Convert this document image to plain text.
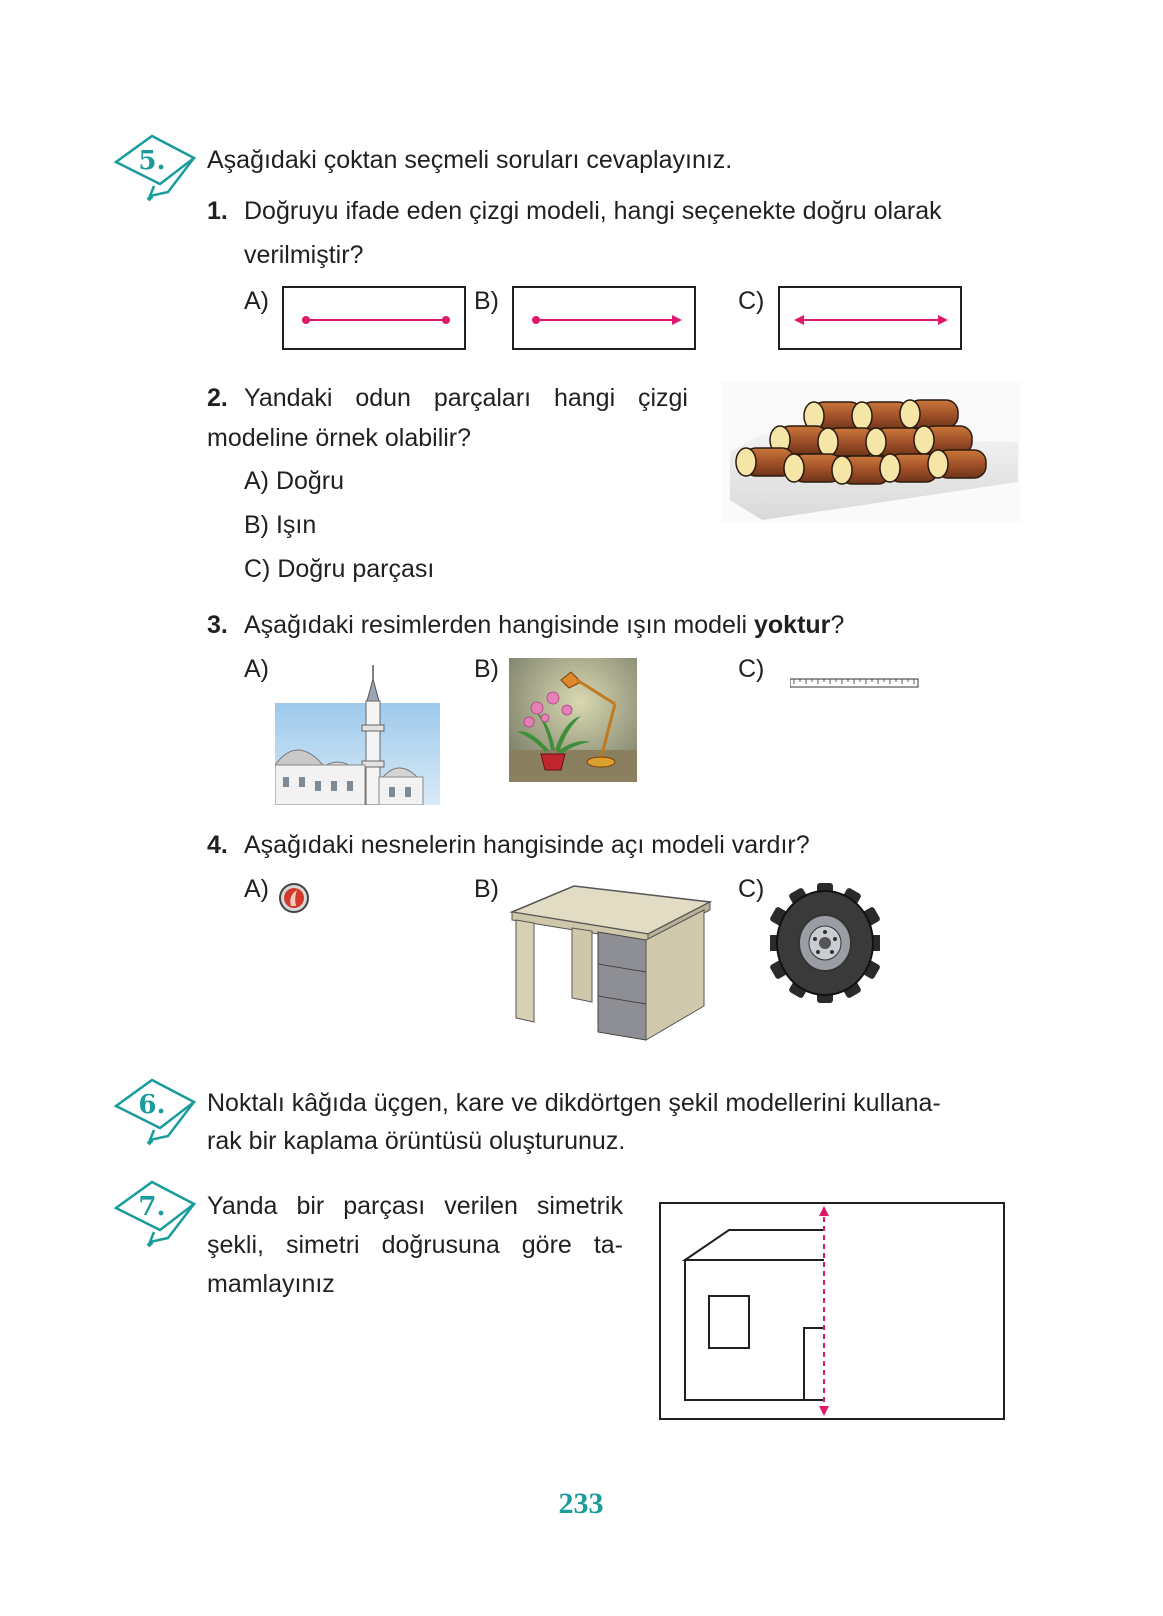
5. Aşağıdaki çoktan seçmeli soruları cevaplayınız.
1. Doğruyu ifade eden çizgi modeli, hangi seçenekte doğru olarak
verilmiştir?
A)	B)	C)
2. Yandaki odun parçaları hangi çizgi
modeline örnek olabilir?
A) Doğru
B) Işın
C) Doğru parçası
3. Aşağıdaki resimlerden hangisinde ışın modeli yoktur?
A)	B)	C)
4. Aşağıdaki nesnelerin hangisinde açı modeli vardır?
A)	B)	C)
6. Noktalı kâğıda üçgen, kare ve dikdörtgen şekil modellerini kullana-
rak bir kaplama örüntüsü oluşturunuz.
7. Yanda bir parçası verilen simetrik
şekli, simetri doğrusuna göre ta-
mamlayınız
233
